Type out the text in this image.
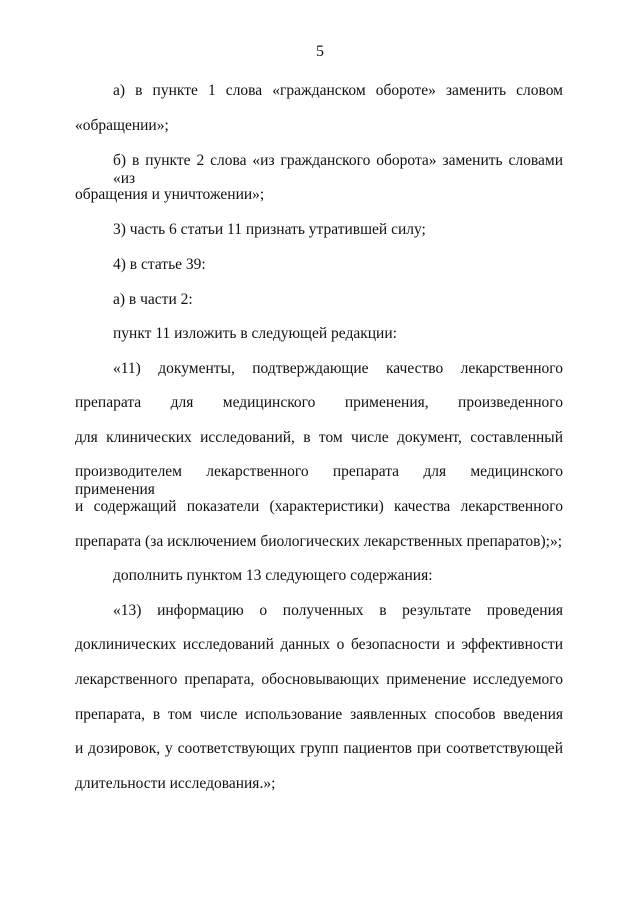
5
а) в пункте 1 слова «гражданском обороте» заменить словом
«обращении»;
б) в пункте 2 слова «из гражданского оборота» заменить словами «из
обращения и уничтожении»;
3) часть 6 статьи 11 признать утратившей силу;
4) в статье 39:
а) в части 2:
пункт 11 изложить в следующей редакции:
«11) документы, подтверждающие качество лекарственного
препарата для медицинского применения, произведенного
для клинических исследований, в том числе документ, составленный
производителем лекарственного препарата для медицинского применения
и содержащий показатели (характеристики) качества лекарственного
препарата (за исключением биологических лекарственных препаратов);»;
дополнить пунктом 13 следующего содержания:
«13) информацию о полученных в результате проведения
доклинических исследований данных о безопасности и эффективности
лекарственного препарата, обосновывающих применение исследуемого
препарата, в том числе использование заявленных способов введения
и дозировок, у соответствующих групп пациентов при соответствующей
длительности исследования.»;
